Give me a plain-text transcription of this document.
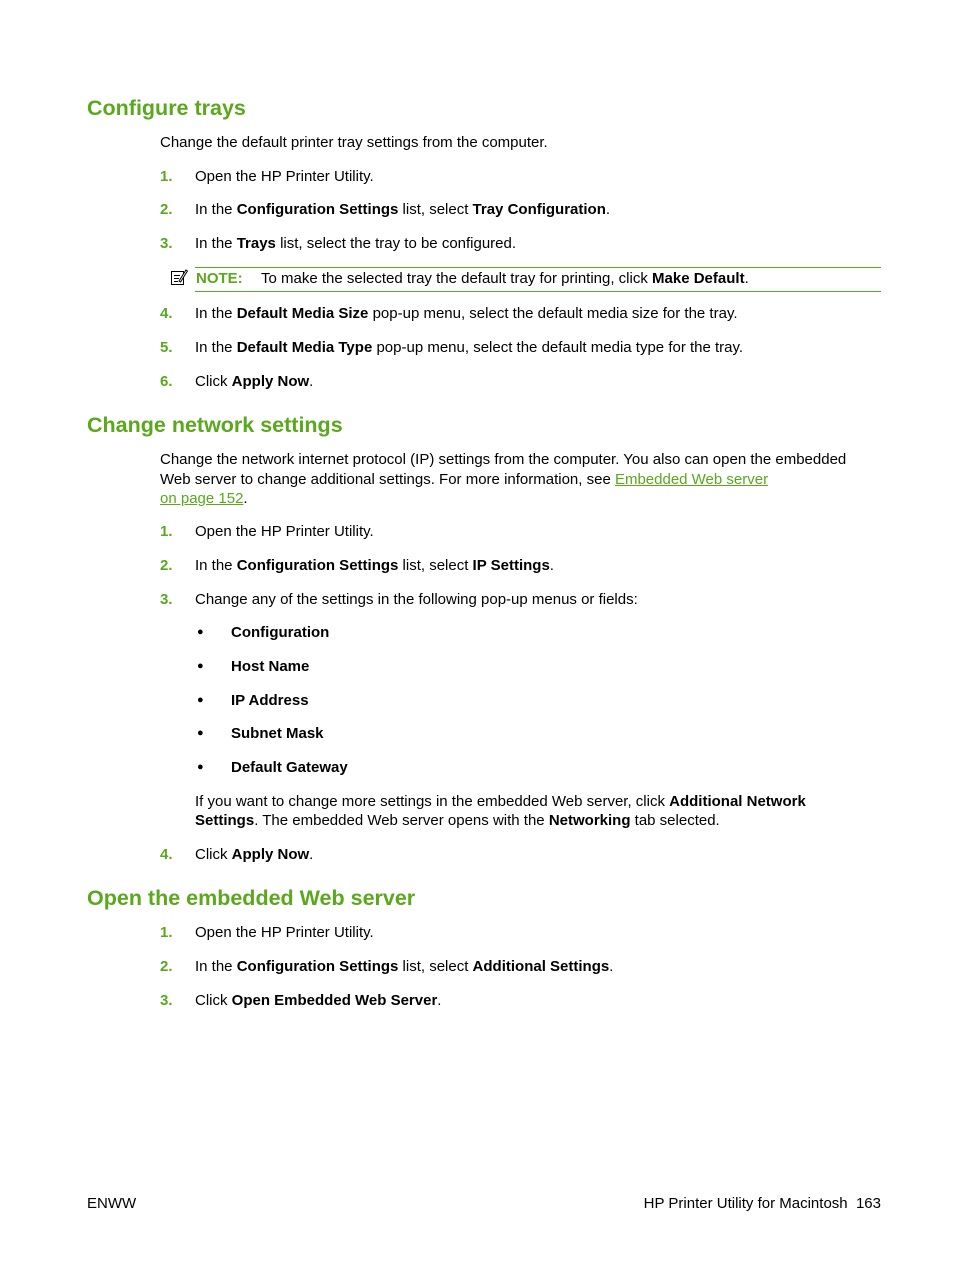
Configure trays
Change the default printer tray settings from the computer.
1. Open the HP Printer Utility.
2. In the Configuration Settings list, select Tray Configuration.
3. In the Trays list, select the tray to be configured.
NOTE: To make the selected tray the default tray for printing, click Make Default.
4. In the Default Media Size pop-up menu, select the default media size for the tray.
5. In the Default Media Type pop-up menu, select the default media type for the tray.
6. Click Apply Now.
Change network settings
Change the network internet protocol (IP) settings from the computer. You also can open the embedded
Web server to change additional settings. For more information, see Embedded Web server
on page 152.
1. Open the HP Printer Utility.
2. In the Configuration Settings list, select IP Settings.
3. Change any of the settings in the following pop-up menus or fields:
● Configuration
● Host Name
● IP Address
● Subnet Mask
● Default Gateway
If you want to change more settings in the embedded Web server, click Additional Network
Settings. The embedded Web server opens with the Networking tab selected.
4. Click Apply Now.
Open the embedded Web server
1. Open the HP Printer Utility.
2. In the Configuration Settings list, select Additional Settings.
3. Click Open Embedded Web Server.
ENWW	HP Printer Utility for Macintosh 163
